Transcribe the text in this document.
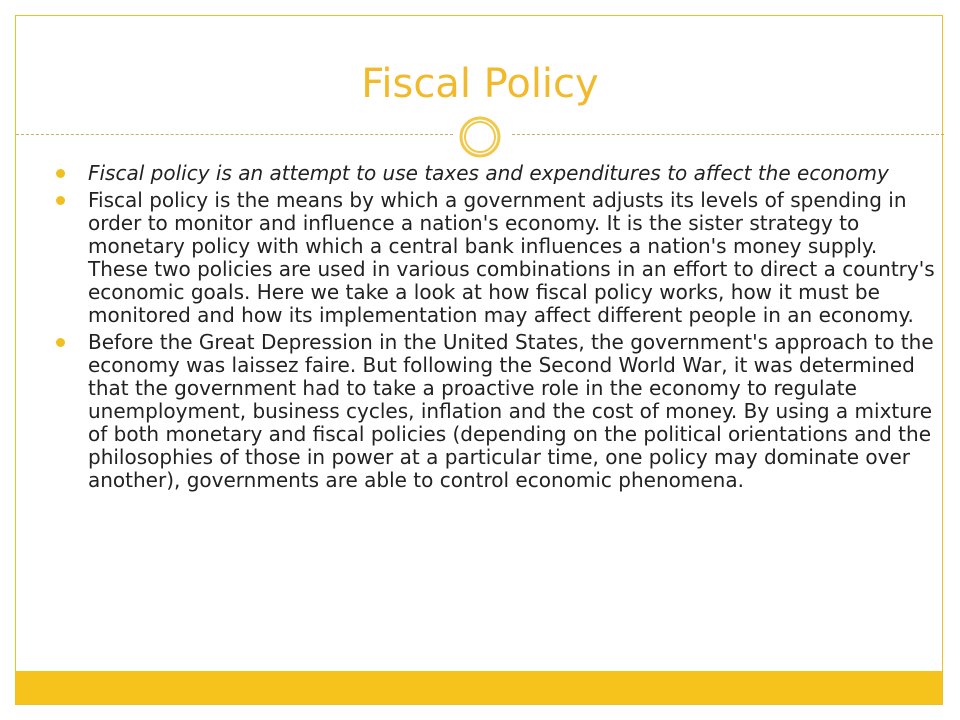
Fiscal Policy
Fiscal policy is an attempt to use taxes and expenditures to affect the economy
Fiscal policy is the means by which a government adjusts its levels of spending in order to monitor and influence a nation's economy. It is the sister strategy to monetary policy with which a central bank influences a nation's money supply. These two policies are used in various combinations in an effort to direct a country's economic goals. Here we take a look at how fiscal policy works, how it must be monitored and how its implementation may affect different people in an economy.
Before the Great Depression in the United States, the government's approach to the economy was laissez faire. But following the Second World War, it was determined that the government had to take a proactive role in the economy to regulate unemployment, business cycles, inflation and the cost of money. By using a mixture of both monetary and fiscal policies (depending on the political orientations and the philosophies of those in power at a particular time, one policy may dominate over another), governments are able to control economic phenomena.
